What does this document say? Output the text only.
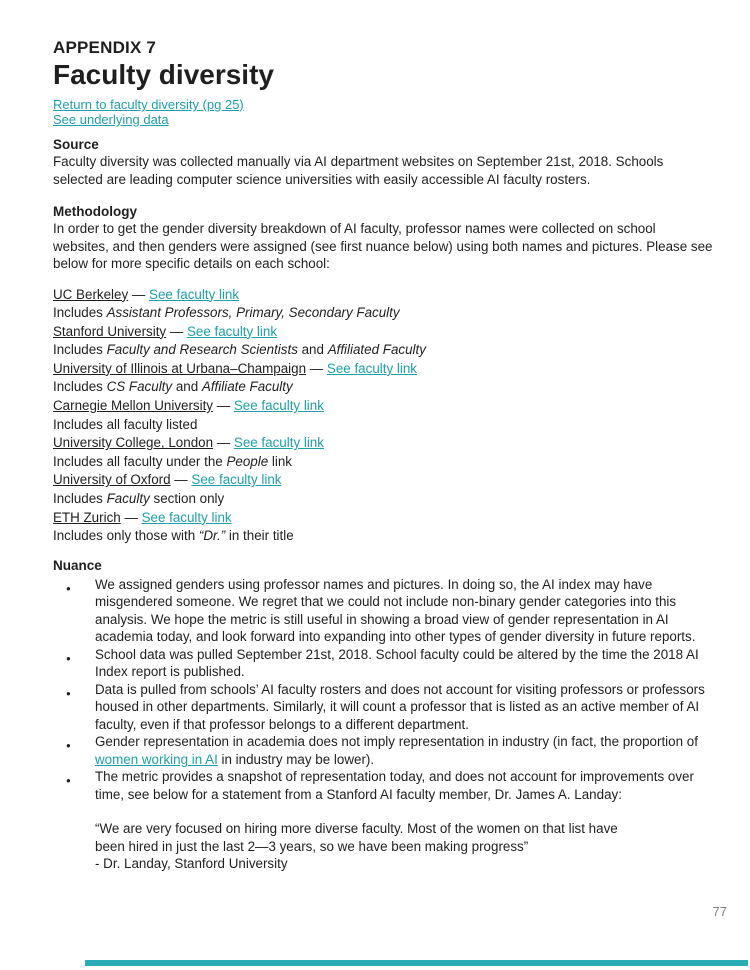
APPENDIX 7
Faculty diversity
Return to faculty diversity (pg 25)
See underlying data
Source

Faculty diversity was collected manually via AI department websites on September 21st, 2018. Schools selected are leading computer science universities with easily accessible AI faculty rosters.

Methodology

In order to get the gender diversity breakdown of AI faculty, professor names were collected on school websites, and then genders were assigned (see first nuance below) using both names and pictures. Please see below for more specific details on each school:

UC Berkeley — See faculty link
Includes Assistant Professors, Primary, Secondary Faculty
Stanford University — See faculty link
Includes Faculty and Research Scientists and Affiliated Faculty
University of Illinois at Urbana–Champaign — See faculty link
Includes CS Faculty and Affiliate Faculty
Carnegie Mellon University — See faculty link
Includes all faculty listed
University College, London — See faculty link
Includes all faculty under the People link
University of Oxford — See faculty link
Includes Faculty section only
ETH Zurich — See faculty link
Includes only those with “Dr.” in their title
Nuance
● We assigned genders using professor names and pictures. In doing so, the AI index may have misgendered someone. We regret that we could not include non-binary gender categories into this analysis. We hope the metric is still useful in showing a broad view of gender representation in AI academia today, and look forward into expanding into other types of gender diversity in future reports.
● School data was pulled September 21st, 2018. School faculty could be altered by the time the 2018 AI Index report is published.
● Data is pulled from schools’ AI faculty rosters and does not account for visiting professors or professors housed in other departments. Similarly, it will count a professor that is listed as an active member of AI faculty, even if that professor belongs to a different department.
● Gender representation in academia does not imply representation in industry (in fact, the proportion of women working in AI in industry may be lower).
● The metric provides a snapshot of representation today, and does not account for improvements over time, see below for a statement from a Stanford AI faculty member, Dr. James A. Landay:
“We are very focused on hiring more diverse faculty. Most of the women on that list have
been hired in just the last 2—3 years, so we have been making progress”
- Dr. Landay, Stanford University
77
